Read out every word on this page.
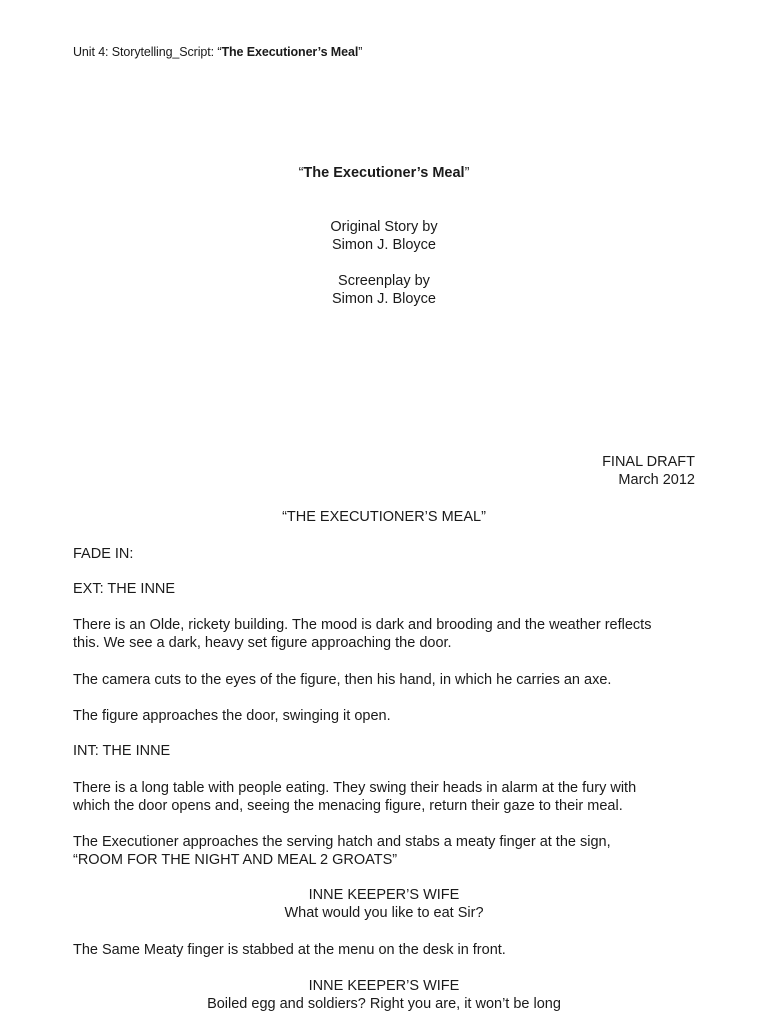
Unit 4: Storytelling_Script: “The Executioner’s Meal”
“The Executioner’s Meal”
Original Story by
Simon J. Bloyce
Screenplay by
Simon J. Bloyce
FINAL DRAFT
March 2012
“THE EXECUTIONER’S MEAL”
FADE IN:
EXT: THE INNE
There is an Olde, rickety building. The mood is dark and brooding and the weather reflects
this. We see a dark, heavy set figure approaching the door.
The camera cuts to the eyes of the figure, then his hand, in which he carries an axe.
The figure approaches the door, swinging it open.
INT: THE INNE
There is a long table with people eating. They swing their heads in alarm at the fury with
which the door opens and, seeing the menacing figure, return their gaze to their meal.
The Executioner approaches the serving hatch and stabs a meaty finger at the sign,
“ROOM FOR THE NIGHT AND MEAL 2 GROATS”
INNE KEEPER’S WIFE
What would you like to eat Sir?
The Same Meaty finger is stabbed at the menu on the desk in front.
INNE KEEPER’S WIFE
Boiled egg and soldiers? Right you are, it won’t be long
